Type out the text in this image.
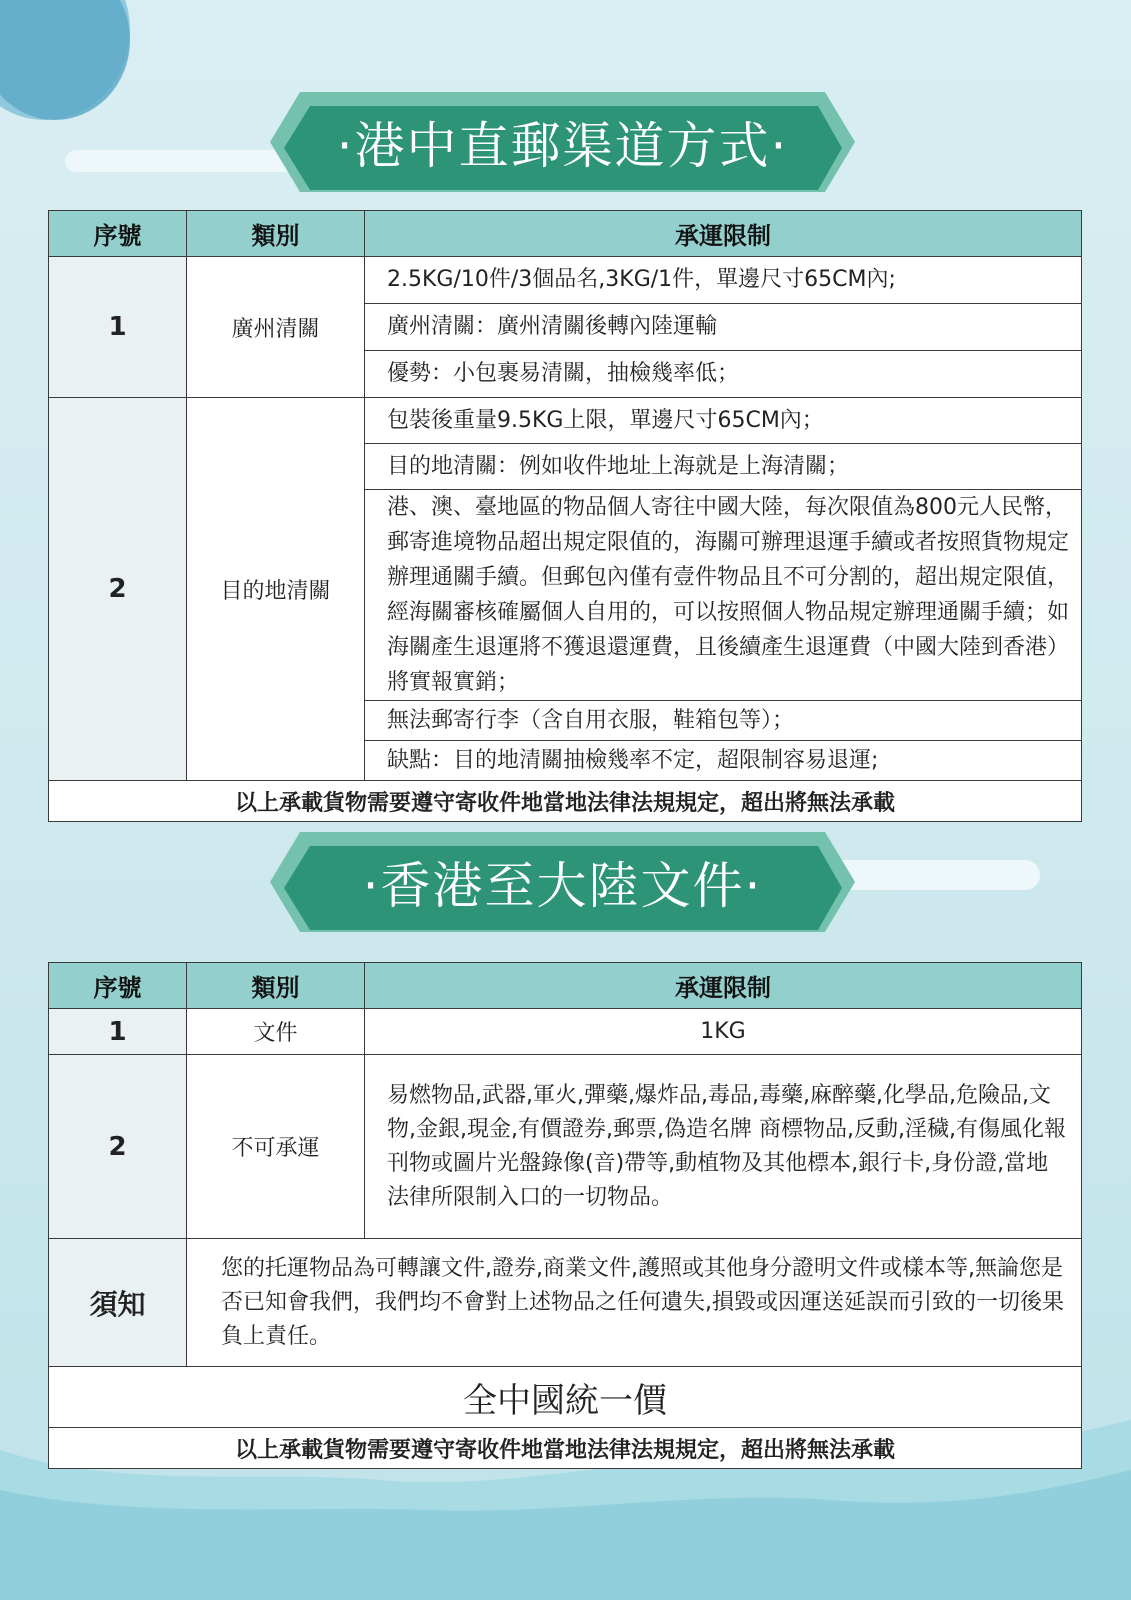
·港中直郵渠道方式·
序號	類別	承運限制
1	廣州清關	2.5KG/10件/3個品名,3KG/1件，單邊尺寸65CM內;
		廣州清關：廣州清關後轉內陸運輸
		優勢：小包裹易清關，抽檢幾率低；
2	目的地清關	包裝後重量9.5KG上限，單邊尺寸65CM內；
		目的地清關：例如收件地址上海就是上海清關；
		港、澳、臺地區的物品個人寄往中國大陸，每次限值為800元人民幣，郵寄進境物品超出規定限值的，海關可辦理退運手續或者按照貨物規定辦理通關手續。但郵包內僅有壹件物品且不可分割的，超出規定限值，經海關審核確屬個人自用的，可以按照個人物品規定辦理通關手續；如海關產生退運將不獲退還運費，且後續產生退運費（中國大陸到香港）將實報實銷；
		無法郵寄行李（含自用衣服，鞋箱包等）；
		缺點：目的地清關抽檢幾率不定，超限制容易退運;
以上承載貨物需要遵守寄收件地當地法律法規規定，超出將無法承載		
·香港至大陸文件·
序號	類別	承運限制
1	文件	1KG
2	不可承運	易燃物品,武器,軍火,彈藥,爆炸品,毒品,毒藥,麻醉藥,化學品,危險品,文物,金銀,現金,有價證券,郵票,偽造名牌 商標物品,反動,淫穢,有傷風化報刊物或圖片光盤錄像(音)帶等,動植物及其他標本,銀行卡,身份證,當地法律所限制入口的一切物品。
須知	您的托運物品為可轉讓文件,證券,商業文件,護照或其他身分證明文件或樣本等,無論您是否已知會我們，我們均不會對上述物品之任何遺失,損毀或因運送延誤而引致的一切後果負上責任。	
全中國統一價		
以上承載貨物需要遵守寄收件地當地法律法規規定，超出將無法承載		
